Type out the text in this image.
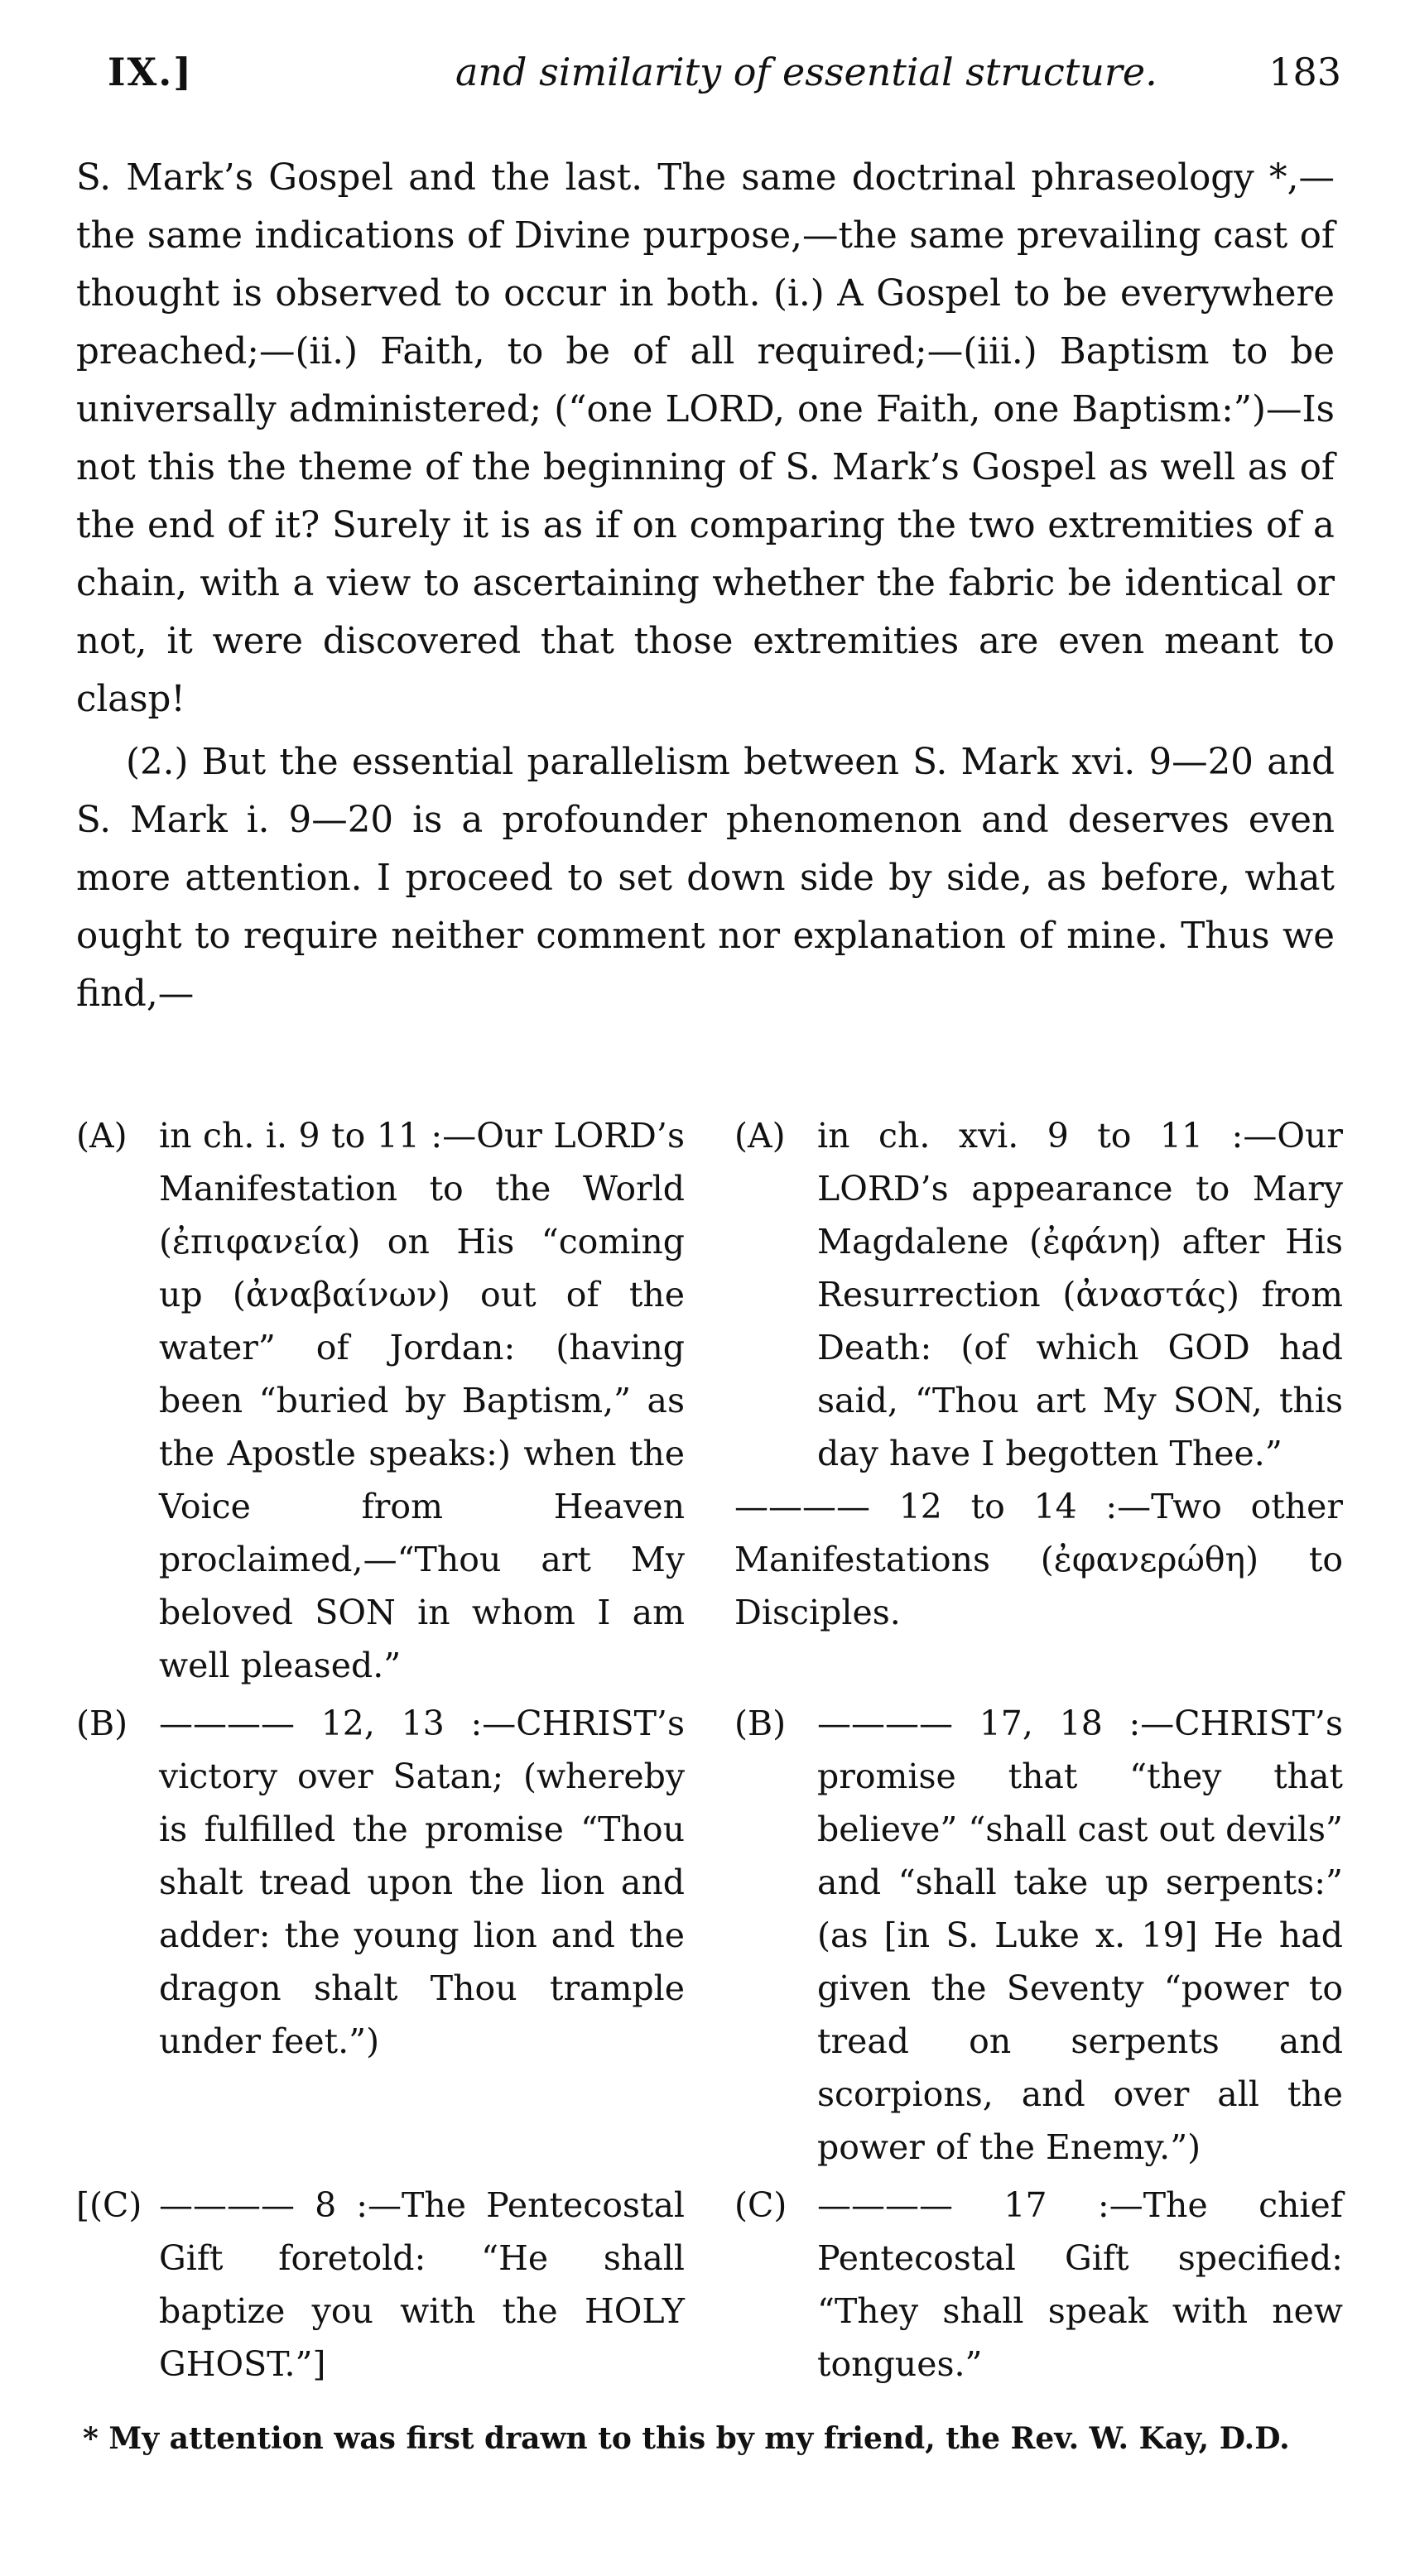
IX.]	and similarity of essential structure.	183

S. Mark’s Gospel and the last. The same doctrinal phraseology *,—the same indications of Divine purpose,—the same prevailing cast of thought is observed to occur in both. (i.) A Gospel to be everywhere preached;—(ii.) Faith, to be of all required;—(iii.) Baptism to be universally administered; (“one LORD, one Faith, one Baptism:”)—Is not this the theme of the beginning of S. Mark’s Gospel as well as of the end of it? Surely it is as if on comparing the two extremities of a chain, with a view to ascertaining whether the fabric be identical or not, it were discovered that those extremities are even meant to clasp!

(2.) But the essential parallelism between S. Mark xvi. 9—20 and S. Mark i. 9—20 is a profounder phenomenon and deserves even more attention. I proceed to set down side by side, as before, what ought to require neither comment nor explanation of mine. Thus we find,—

(A) in ch. i. 9 to 11 :—Our LORD’s Manifestation to the World (ἐπιφανεία) on His “coming up (ἀναβαίνων) out of the water” of Jordan: (having been “buried by Baptism,” as the Apostle speaks:) when the Voice from Heaven proclaimed,—“Thou art My beloved SON in whom I am well pleased.”
(A) in ch. xvi. 9 to 11 :—Our LORD’s appearance to Mary Magdalene (ἐφάνη) after His Resurrection (ἀναστάς) from Death: (of which GOD had said, “Thou art My SON, this day have I begotten Thee.”
———— 12 to 14 :—Two other Manifestations (ἐφανερώθη) to Disciples.
(B) ———— 12, 13 :—CHRIST’s victory over Satan; (whereby is fulfilled the promise “Thou shalt tread upon the lion and adder: the young lion and the dragon shalt Thou trample under feet.”)
(B) ———— 17, 18 :—CHRIST’s promise that “they that believe” “shall cast out devils” and “shall take up serpents:” (as [in S. Luke x. 19] He had given the Seventy “power to tread on serpents and scorpions, and over all the power of the Enemy.”)
[(C) ———— 8 :—The Pentecostal Gift foretold: “He shall baptize you with the HOLY GHOST.”]
(C) ———— 17 :—The chief Pentecostal Gift specified: “They shall speak with new tongues.”
* My attention was first drawn to this by my friend, the Rev. W. Kay, D.D.
